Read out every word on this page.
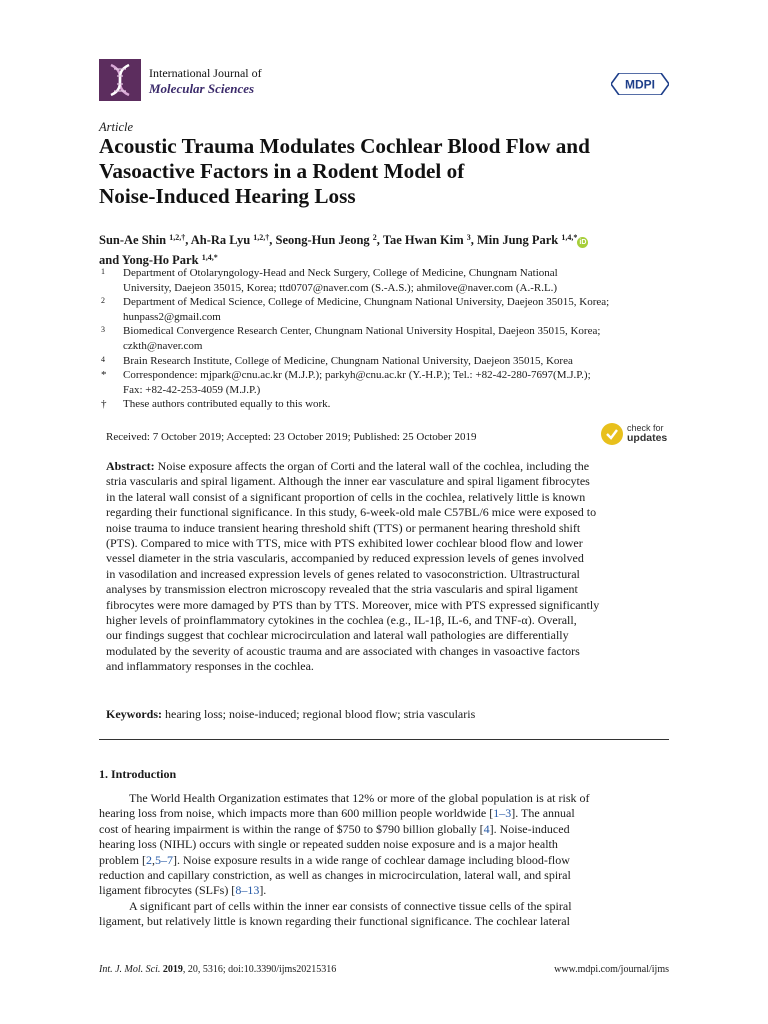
International Journal of
Molecular Sciences	MDPI
Article
Acoustic Trauma Modulates Cochlear Blood Flow and
Vasoactive Factors in a Rodent Model of
Noise-Induced Hearing Loss
Sun-Ae Shin $^{1,2,\dagger}$, Ah-Ra Lyu $^{1,2,\dagger}$, Seong-Hun Jeong $^2$, Tae Hwan Kim $^3$, Min Jung Park $^{1,4,*}$iD
and Yong-Ho Park $^{1,4,*}$
1	Department of Otolaryngology-Head and Neck Surgery, College of Medicine, Chungnam National
University, Daejeon 35015, Korea; ttd0707@naver.com (S.-A.S.); ahmilove@naver.com (A.-R.L.)
2	Department of Medical Science, College of Medicine, Chungnam National University, Daejeon 35015, Korea;
hunpass2@gmail.com
3	Biomedical Convergence Research Center, Chungnam National University Hospital, Daejeon 35015, Korea;
czkth@naver.com
4	Brain Research Institute, College of Medicine, Chungnam National University, Daejeon 35015, Korea
*	Correspondence: mjpark@cnu.ac.kr (M.J.P.); parkyh@cnu.ac.kr (Y.-H.P.); Tel.: +82-42-280-7697(M.J.P.);
Fax: +82-42-253-4059 (M.J.P.)
†	These authors contributed equally to this work.
Received: 7 October 2019; Accepted: 23 October 2019; Published: 25 October 2019
check for
updates
Abstract: Noise exposure affects the organ of Corti and the lateral wall of the cochlea, including the
stria vascularis and spiral ligament. Although the inner ear vasculature and spiral ligament fibrocytes
in the lateral wall consist of a significant proportion of cells in the cochlea, relatively little is known
regarding their functional significance. In this study, 6-week-old male C57BL/6 mice were exposed to
noise trauma to induce transient hearing threshold shift (TTS) or permanent hearing threshold shift
(PTS). Compared to mice with TTS, mice with PTS exhibited lower cochlear blood flow and lower
vessel diameter in the stria vascularis, accompanied by reduced expression levels of genes involved
in vasodilation and increased expression levels of genes related to vasoconstriction. Ultrastructural
analyses by transmission electron microscopy revealed that the stria vascularis and spiral ligament
fibrocytes were more damaged by PTS than by TTS. Moreover, mice with PTS expressed significantly
higher levels of proinflammatory cytokines in the cochlea (e.g., IL-1β, IL-6, and TNF-α). Overall,
our findings suggest that cochlear microcirculation and lateral wall pathologies are differentially
modulated by the severity of acoustic trauma and are associated with changes in vasoactive factors
and inflammatory responses in the cochlea.
Keywords: hearing loss; noise-induced; regional blood flow; stria vascularis
1. Introduction
The World Health Organization estimates that 12% or more of the global population is at risk of
hearing loss from noise, which impacts more than 600 million people worldwide [1–3]. The annual
cost of hearing impairment is within the range of $750 to $790 billion globally [4]. Noise-induced
hearing loss (NIHL) occurs with single or repeated sudden noise exposure and is a major health
problem [2,5–7]. Noise exposure results in a wide range of cochlear damage including blood-flow
reduction and capillary constriction, as well as changes in microcirculation, lateral wall, and spiral
ligament fibrocytes (SLFs) [8–13].
A significant part of cells within the inner ear consists of connective tissue cells of the spiral
ligament, but relatively little is known regarding their functional significance. The cochlear lateral
Int. J. Mol. Sci. 2019, 20, 5316; doi:10.3390/ijms20215316	www.mdpi.com/journal/ijms
